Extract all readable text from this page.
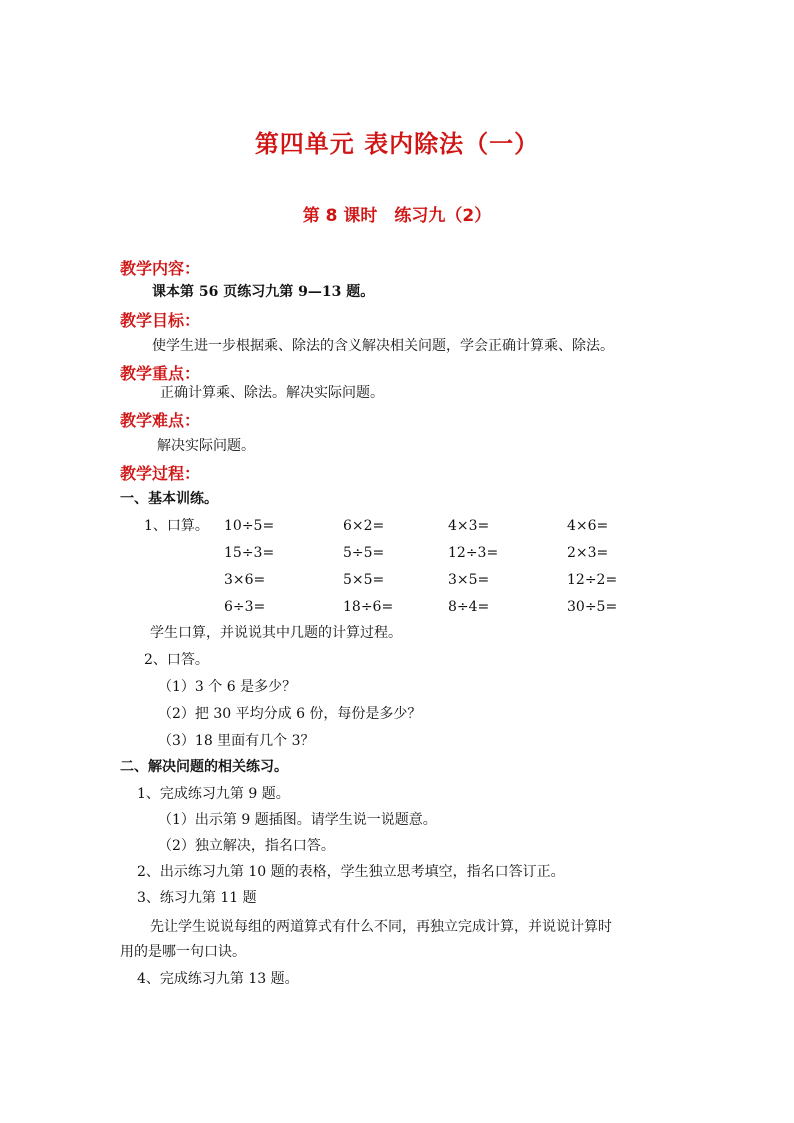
第四单元 表内除法（一）
第 8 课时　练习九（2）
教学内容：
课本第 56 页练习九第 9—13 题。
教学目标：
使学生进一步根据乘、除法的含义解决相关问题，学会正确计算乘、除法。
教学重点：
正确计算乘、除法。解决实际问题。
教学难点：
解决实际问题。
教学过程：
一、基本训练。
1、口算。 10÷5=	6×2=	4×3=	4×6=
15÷3=	5÷5=	12÷3=	2×3=
3×6=	5×5=	3×5=	12÷2=
6÷3=	18÷6=	8÷4=	30÷5=
学生口算，并说说其中几题的计算过程。
2、口答。
（1）3 个 6 是多少？
（2）把 30 平均分成 6 份，每份是多少？
（3）18 里面有几个 3？
二、解决问题的相关练习。
1、完成练习九第 9 题。
（1）出示第 9 题插图。请学生说一说题意。
（2）独立解决，指名口答。
2、出示练习九第 10 题的表格，学生独立思考填空，指名口答订正。
3、练习九第 11 题
先让学生说说每组的两道算式有什么不同，再独立完成计算，并说说计算时
用的是哪一句口诀。
4、完成练习九第 13 题。
